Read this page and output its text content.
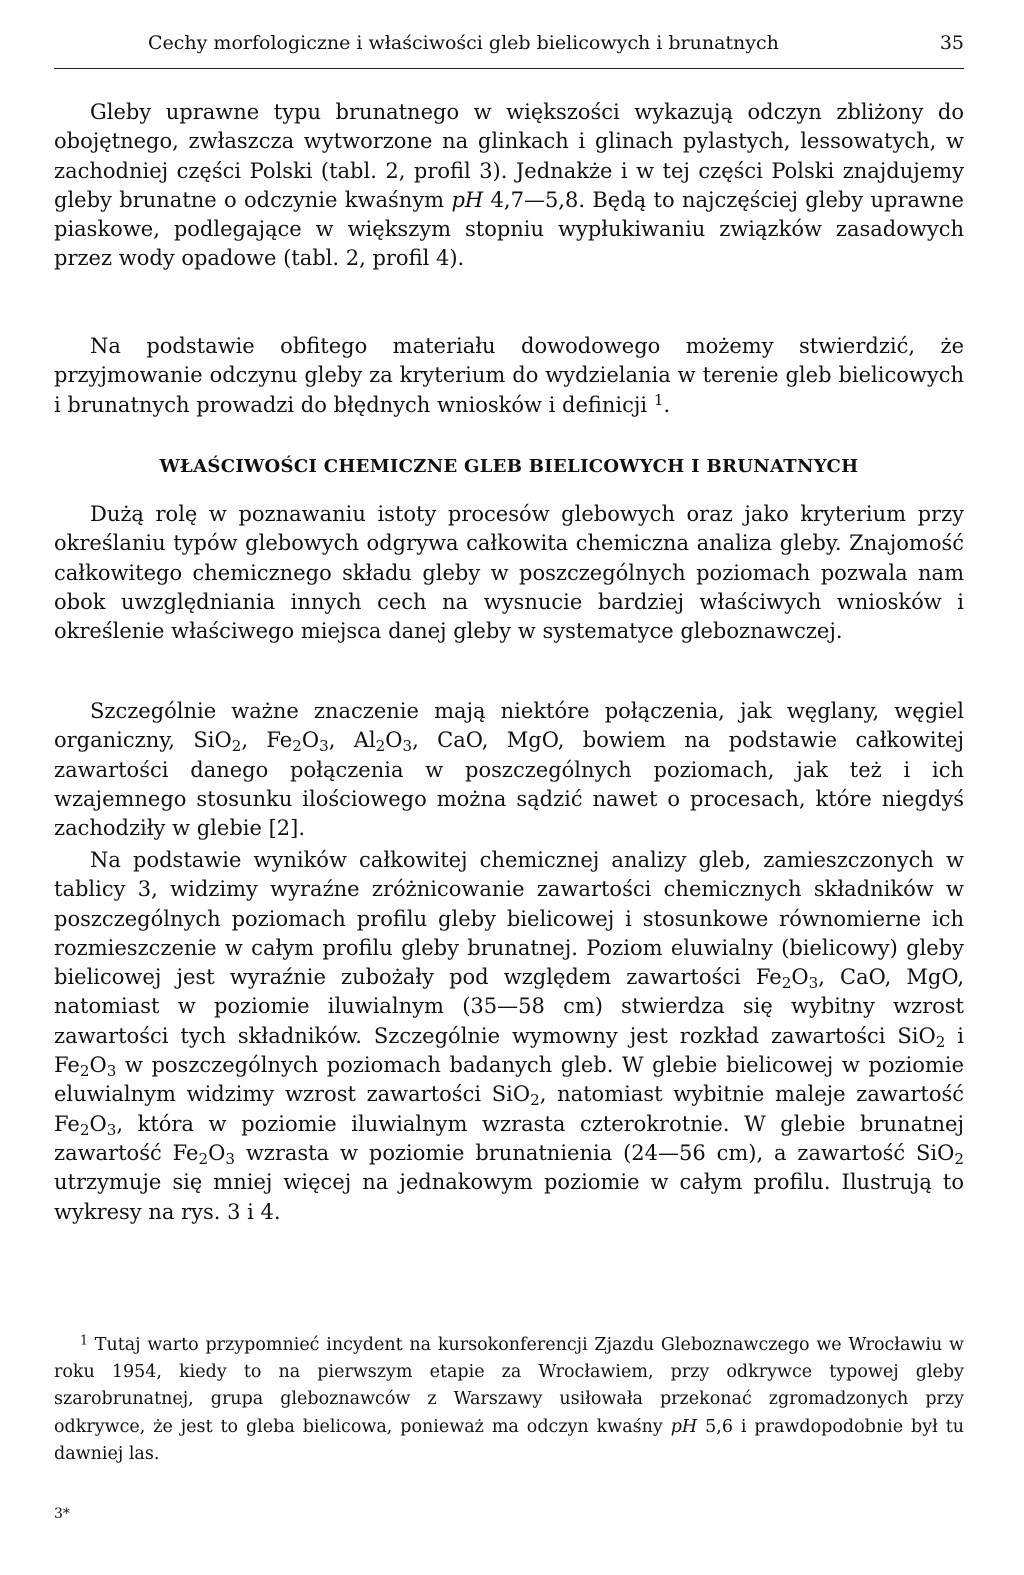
Cechy morfologiczne i właściwości gleb bielicowych i brunatnych	35

Gleby uprawne typu brunatnego w większości wykazują odczyn zbliżony do obojętnego, zwłaszcza wytworzone na glinkach i glinach pylastych, lessowatych, w zachodniej części Polski (tabl. 2, profil 3). Jednakże i w tej części Polski znajdujemy gleby brunatne o odczynie kwaśnym pH 4,7—5,8. Będą to najczęściej gleby uprawne piaskowe, podlegające w większym stopniu wypłukiwaniu związków zasadowych przez wody opadowe (tabl. 2, profil 4).

Na podstawie obfitego materiału dowodowego możemy stwierdzić, że przyjmowanie odczynu gleby za kryterium do wydzielania w terenie gleb bielicowych i brunatnych prowadzi do błędnych wniosków i definicji $^1$.

WŁAŚCIWOŚCI CHEMICZNE GLEB BIELICOWYCH I BRUNATNYCH

Dużą rolę w poznawaniu istoty procesów glebowych oraz jako kryterium przy określaniu typów glebowych odgrywa całkowita chemiczna analiza gleby. Znajomość całkowitego chemicznego składu gleby w poszczególnych poziomach pozwala nam obok uwzględniania innych cech na wysnucie bardziej właściwych wniosków i określenie właściwego miejsca danej gleby w systematyce gleboznawczej.

Szczególnie ważne znaczenie mają niektóre połączenia, jak węglany, węgiel organiczny, SiO$_2$, $Fe_2O_3$, $Al_2O_3$, CaO, MgO, bowiem na podstawie całkowitej zawartości danego połączenia w poszczególnych poziomach, jak też i ich wzajemnego stosunku ilościowego można sądzić nawet o procesach, które niegdyś zachodziły w glebie [2].

Na podstawie wyników całkowitej chemicznej analizy gleb, zamieszczonych w tablicy 3, widzimy wyraźne zróżnicowanie zawartości chemicznych składników w poszczególnych poziomach profilu gleby bielicowej i stosunkowe równomierne ich rozmieszczenie w całym profilu gleby brunatnej. Poziom eluwialny (bielicowy) gleby bielicowej jest wyraźnie zubożały pod względem zawartości $Fe_2O_3$, CaO, MgO, natomiast w poziomie iluwialnym (35—58 cm) stwierdza się wybitny wzrost zawartości tych składników. Szczególnie wymowny jest rozkład zawartości SiO$_2$ i $Fe_2O_3$ w poszczególnych poziomach badanych gleb. W glebie bielicowej w poziomie eluwialnym widzimy wzrost zawartości SiO$_2$, natomiast wybitnie maleje zawartość $Fe_2O_3$, która w poziomie iluwialnym wzrasta czterokrotnie. W glebie brunatnej zawartość $Fe_2O_3$ wzrasta w poziomie brunatnienia (24—56 cm), a zawartość SiO$_2$ utrzymuje się mniej więcej na jednakowym poziomie w całym profilu. Ilustrują to wykresy na rys. 3 i 4.

$^1$ Tutaj warto przypomnieć incydent na kursokonferencji Zjazdu Gleboznawczego we Wrocławiu w roku 1954, kiedy to na pierwszym etapie za Wrocławiem, przy odkrywce typowej gleby szarobrunatnej, grupa gleboznawców z Warszawy usiłowała przekonać zgromadzonych przy odkrywce, że jest to gleba bielicowa, ponieważ ma odczyn kwaśny pH 5,6 i prawdopodobnie był tu dawniej las.

3*
